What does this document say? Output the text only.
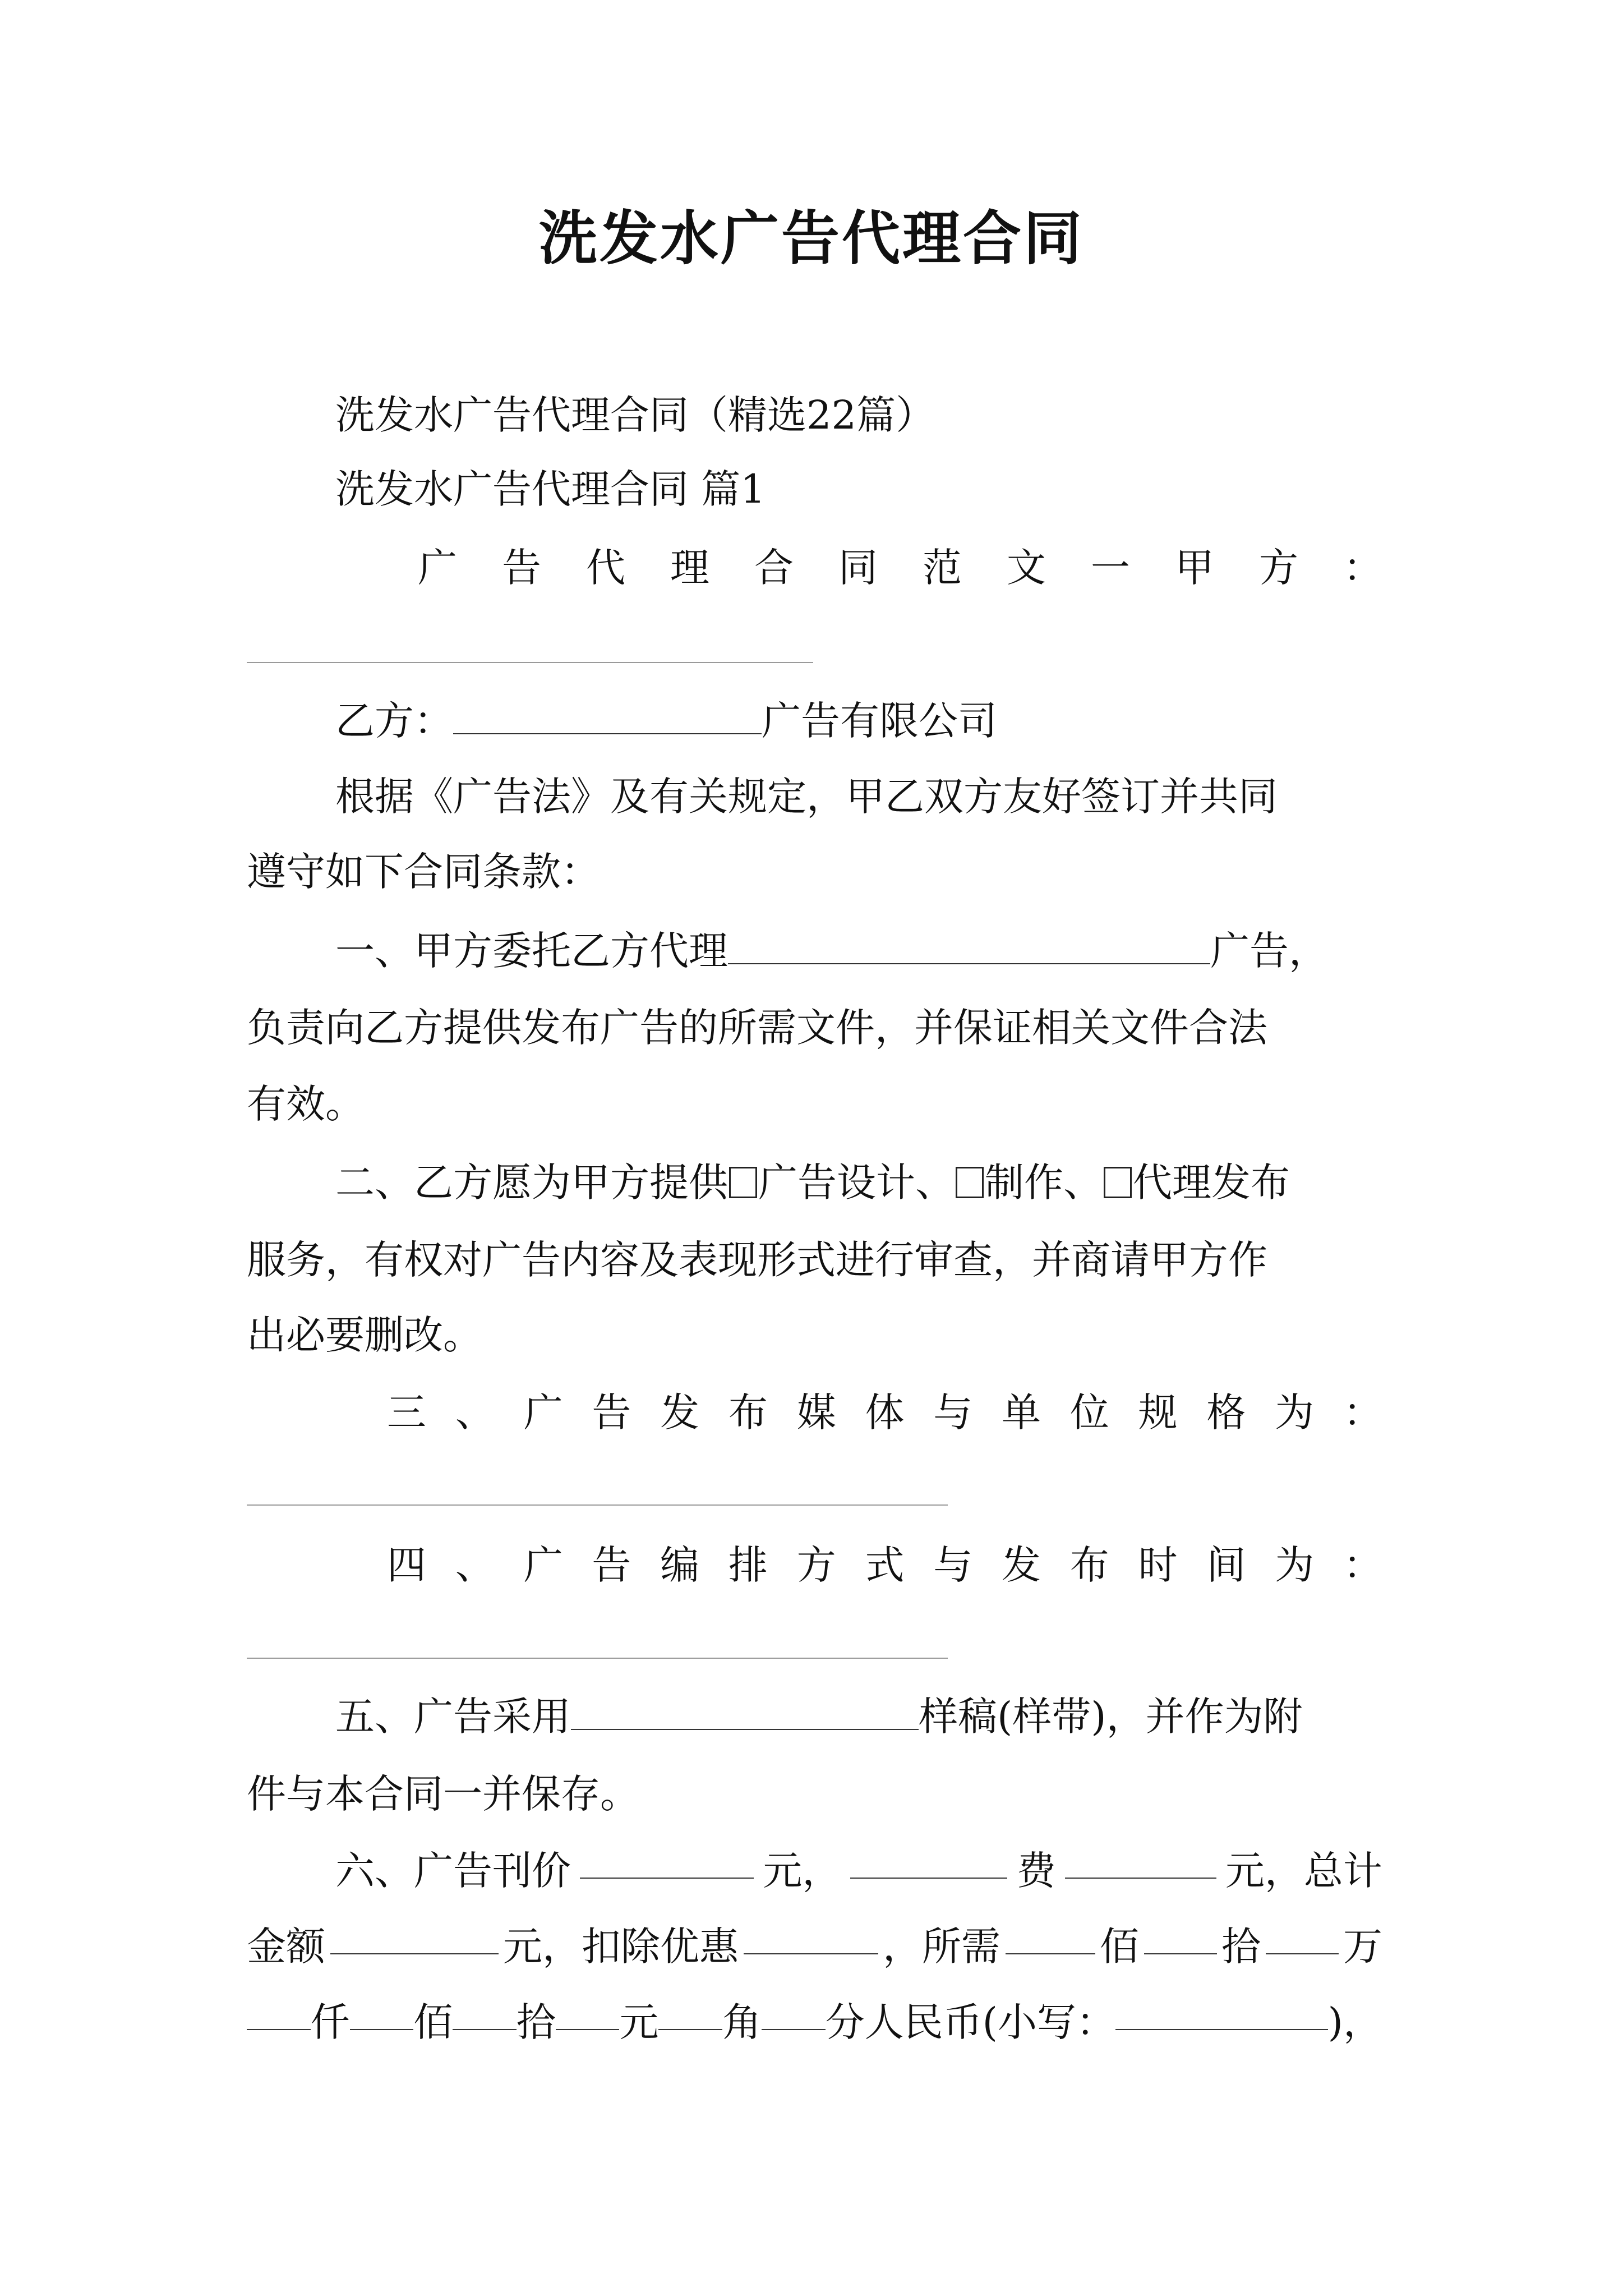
洗发水广告代理合同
洗发水广告代理合同（精选22篇）
洗发水广告代理合同 篇1
广 告 代 理 合 同 范 文 一 甲 方 ：
乙方：	广告有限公司
根据《广告法》及有关规定，甲乙双方友好签订并共同
遵守如下合同条款：
一、甲方委托乙方代理	广告，
负责向乙方提供发布广告的所需文件，并保证相关文件合法
有效。
二、乙方愿为甲方提供 广告设计、 制作、 代理发布
服务，有权对广告内容及表现形式进行审查，并商请甲方作
出必要删改。
三 、 广 告 发 布 媒 体 与 单 位 规 格 为 ：
四 、 广 告 编 排 方 式 与 发 布 时 间 为 ：
五、广告采用	样稿(样带)，并作为附
件与本合同一并保存。
六、广告刊价	元，	费	元，总计
金额	元，扣除优惠	，所需	佰 拾 万
仟 佰 拾 元 角 分人民币(小写：	)，
